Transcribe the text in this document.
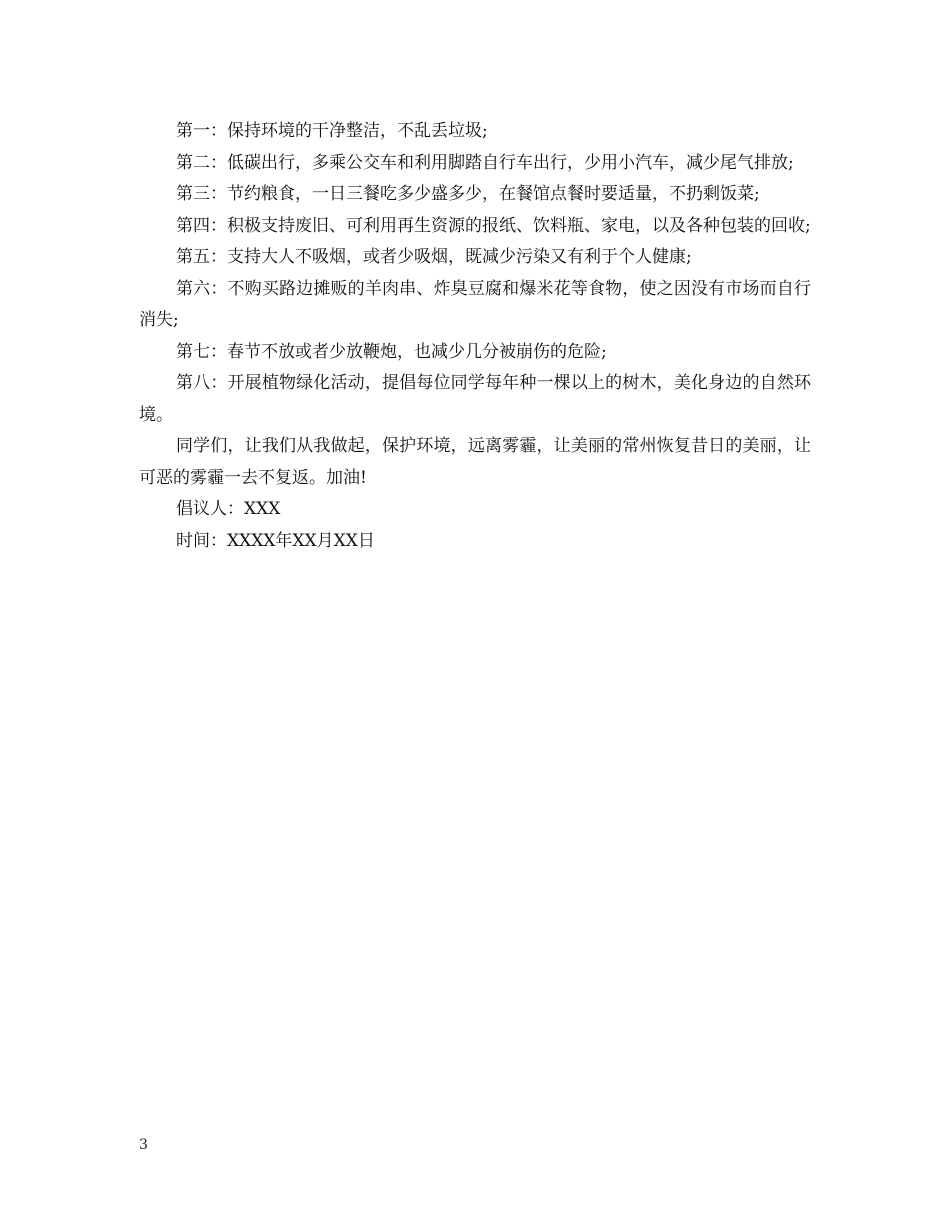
第一：保持环境的干净整洁，不乱丢垃圾;

第二：低碳出行，多乘公交车和利用脚踏自行车出行，少用小汽车，减少尾气排放;

第三：节约粮食，一日三餐吃多少盛多少，在餐馆点餐时要适量，不扔剩饭菜;

第四：积极支持废旧、可利用再生资源的报纸、饮料瓶、家电，以及各种包装的回收;

第五：支持大人不吸烟，或者少吸烟，既减少污染又有利于个人健康;

第六：不购买路边摊贩的羊肉串、炸臭豆腐和爆米花等食物，使之因没有市场而自行消失;

第七：春节不放或者少放鞭炮，也减少几分被崩伤的危险;

第八：开展植物绿化活动，提倡每位同学每年种一棵以上的树木，美化身边的自然环境。

同学们，让我们从我做起，保护环境，远离雾霾，让美丽的常州恢复昔日的美丽，让可恶的雾霾一去不复返。加油!

倡议人：XXX

时间：XXXX年XX月XX日

3
